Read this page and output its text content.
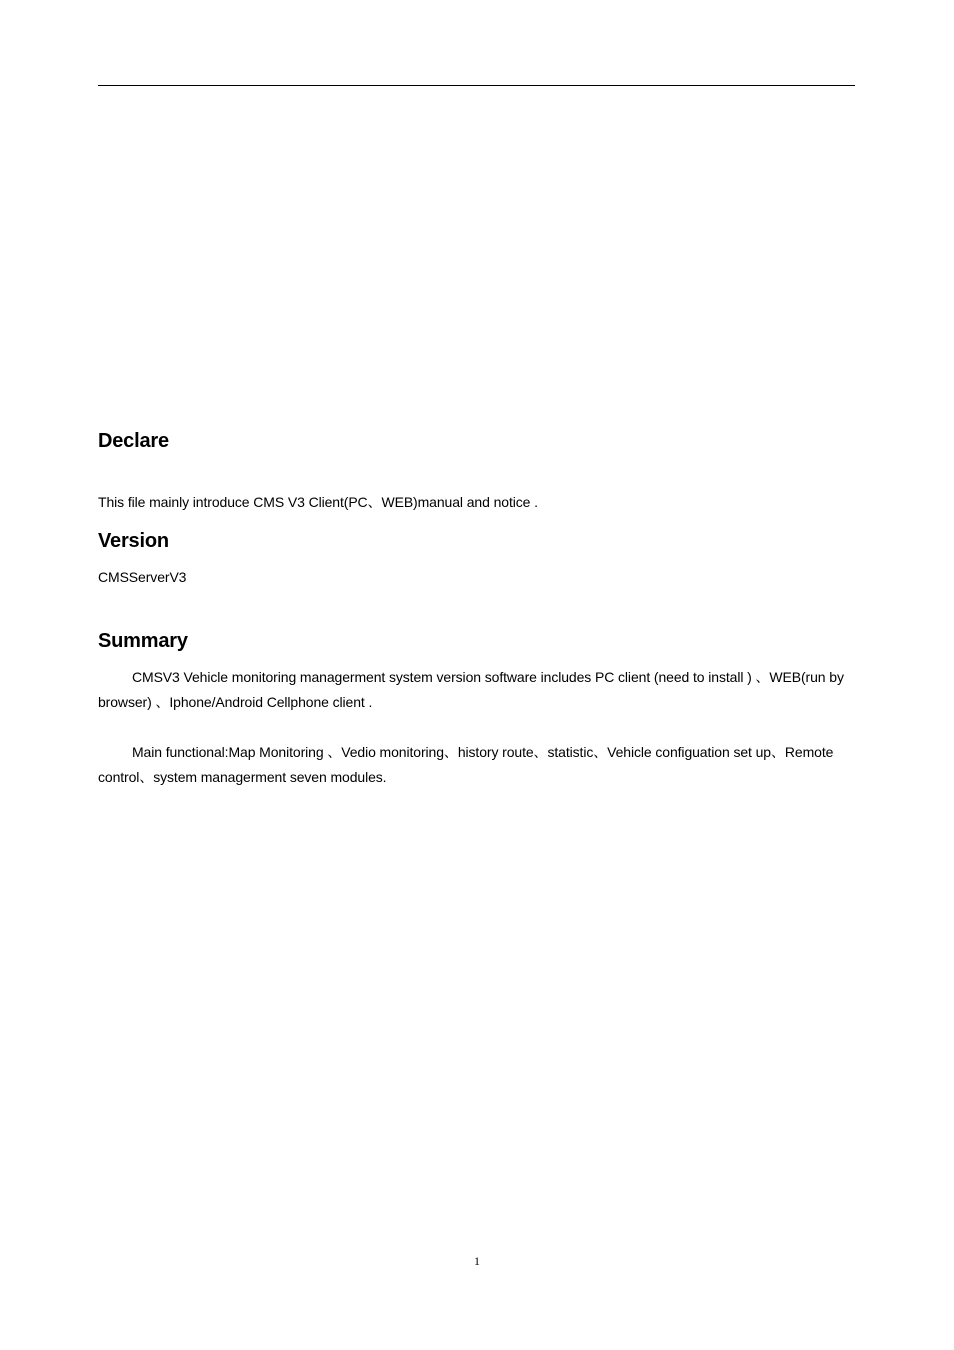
Declare

This file mainly introduce CMS V3 Client(PC、WEB)manual and notice .

Version

CMSServerV3

Summary

CMSV3 Vehicle monitoring managerment system version software includes PC client (need to install ) 、WEB(run by browser) 、Iphone/Android Cellphone client .

Main functional:Map Monitoring 、Vedio monitoring、history route、statistic、Vehicle configuation set up、Remote control、system managerment seven modules.

1
